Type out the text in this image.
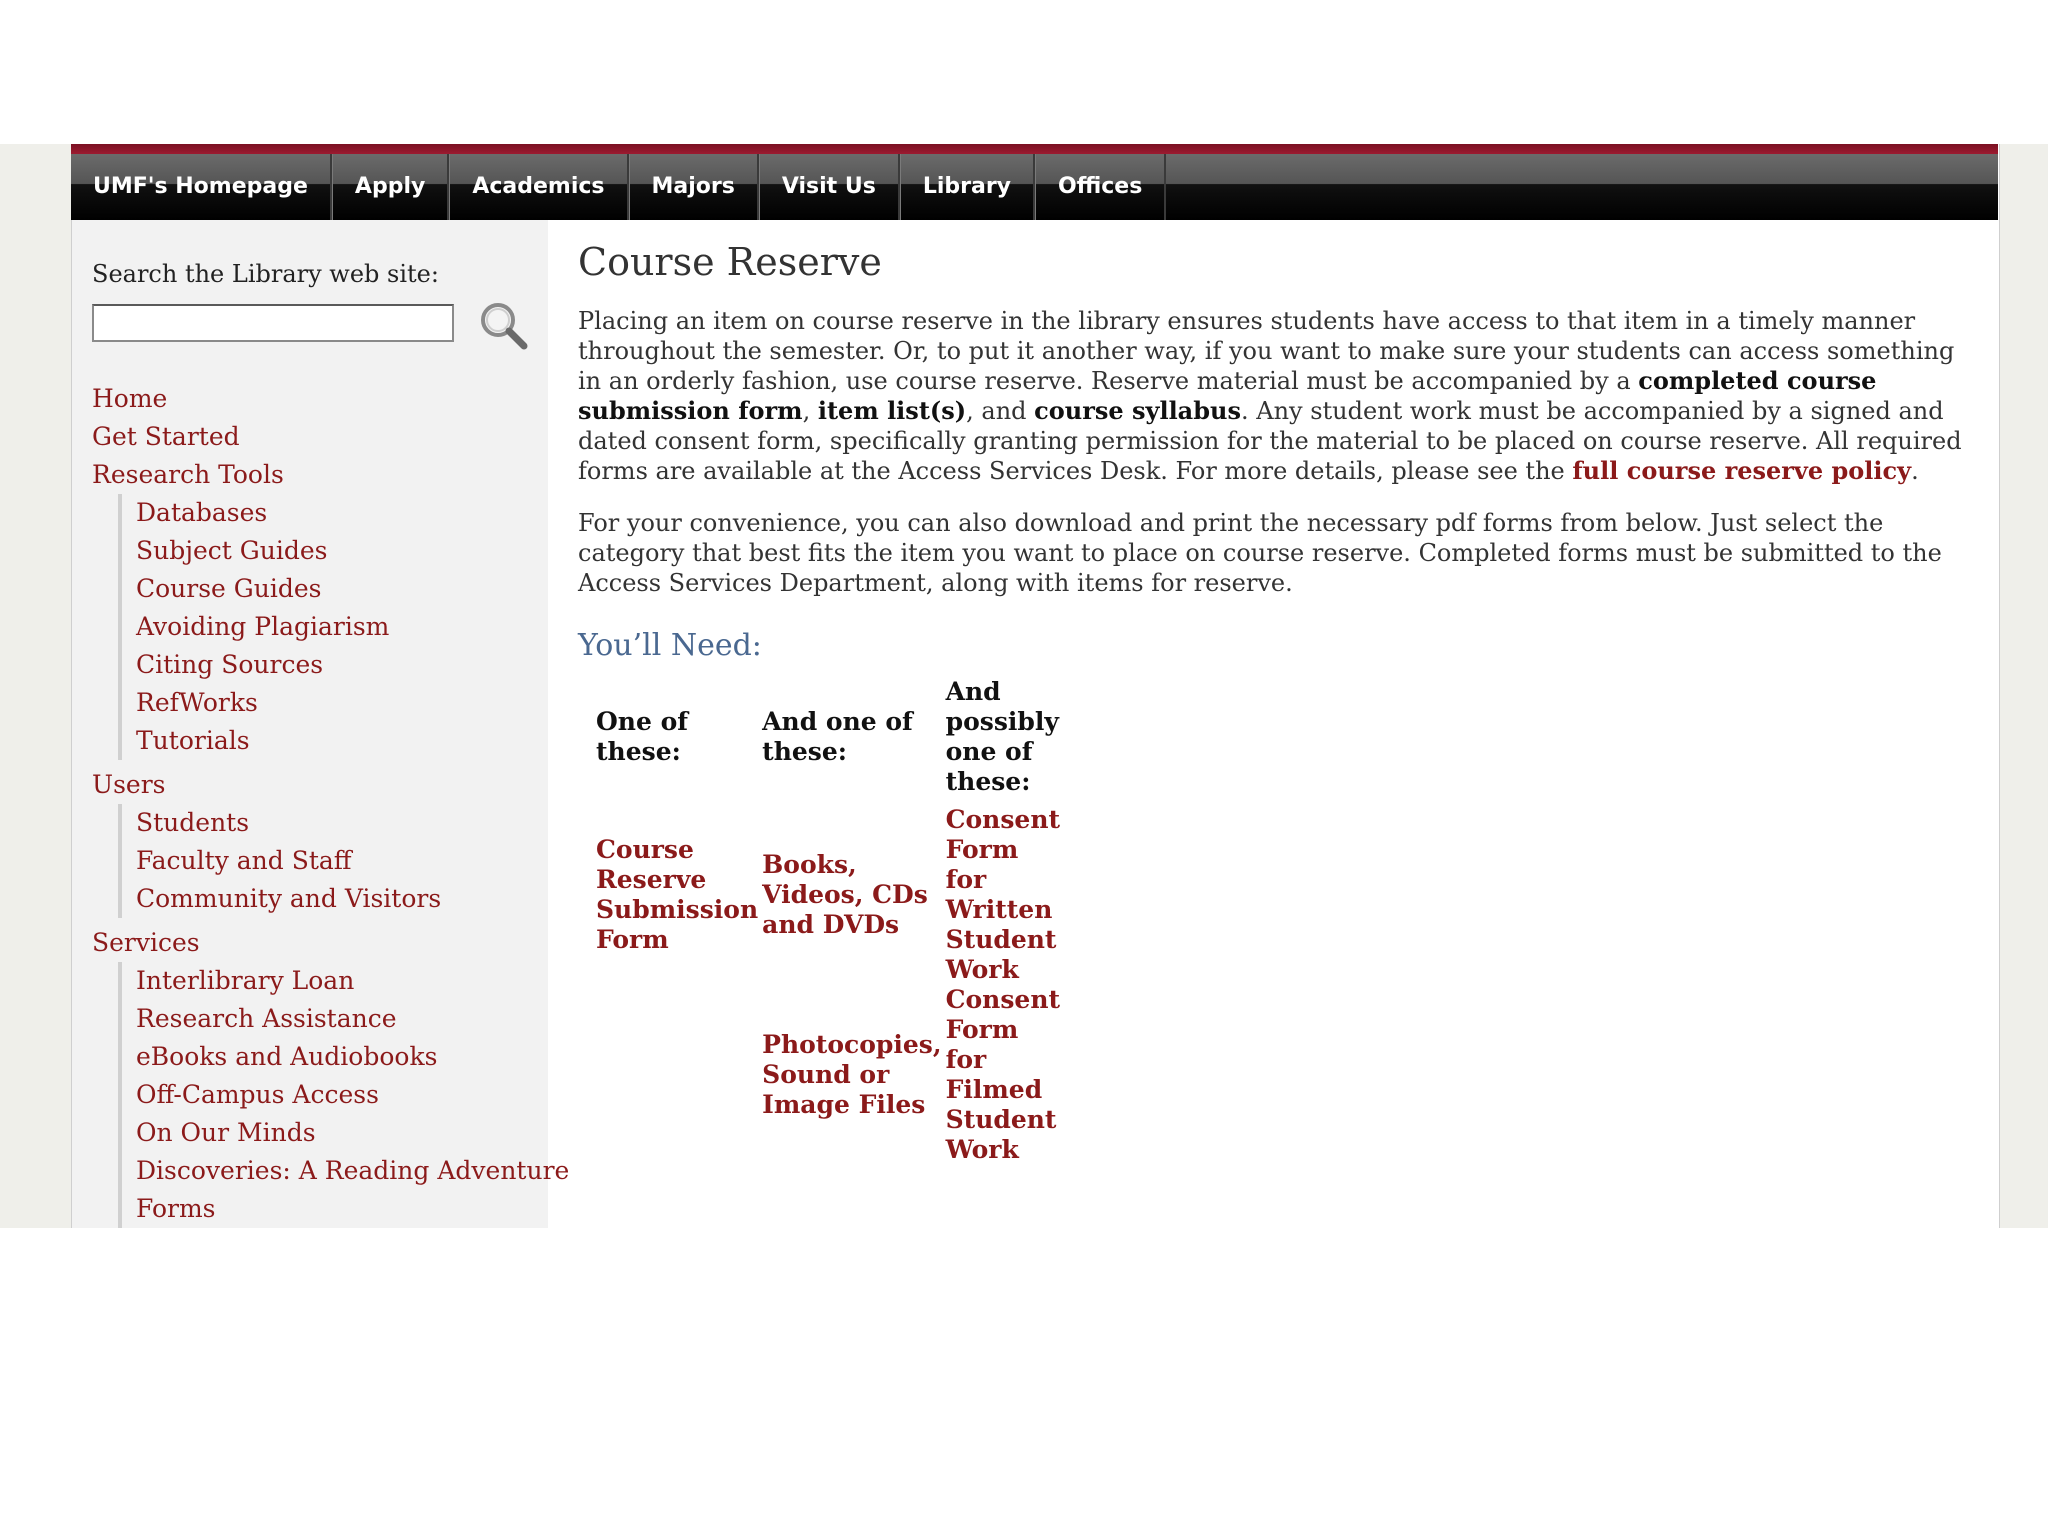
UMF's Homepage	Apply	Academics	Majors	Visit Us	Library	Offices
Search the Library web site:
Home
Get Started
Research Tools
Databases
Subject Guides
Course Guides
Avoiding Plagiarism
Citing Sources
RefWorks
Tutorials
Users
Students
Faculty and Staff
Community and Visitors
Services
Interlibrary Loan
Research Assistance
eBooks and Audiobooks
Off-Campus Access
On Our Minds
Discoveries: A Reading Adventure
Forms
Course Reserve

Placing an item on course reserve in the library ensures students have access to that item in a timely manner throughout the semester. Or, to put it another way, if you want to make sure your students can access something in an orderly fashion, use course reserve. Reserve material must be accompanied by a completed course submission form, item list(s), and course syllabus. Any student work must be accompanied by a signed and dated consent form, specifically granting permission for the material to be placed on course reserve. All required forms are available at the Access Services Desk. For more details, please see the full course reserve policy.

For your convenience, you can also download and print the necessary pdf forms from below. Just select the category that best fits the item you want to place on course reserve. Completed forms must be submitted to the Access Services Department, along with items for reserve.

You’ll Need:
One of these:	And one of these:	And possibly one of these:

Course Reserve Submission Form	Books, Videos, CDs and DVDs	Consent Form for Written Student Work

	Photocopies, Sound or Image Files	Consent Form for Filmed Student Work
